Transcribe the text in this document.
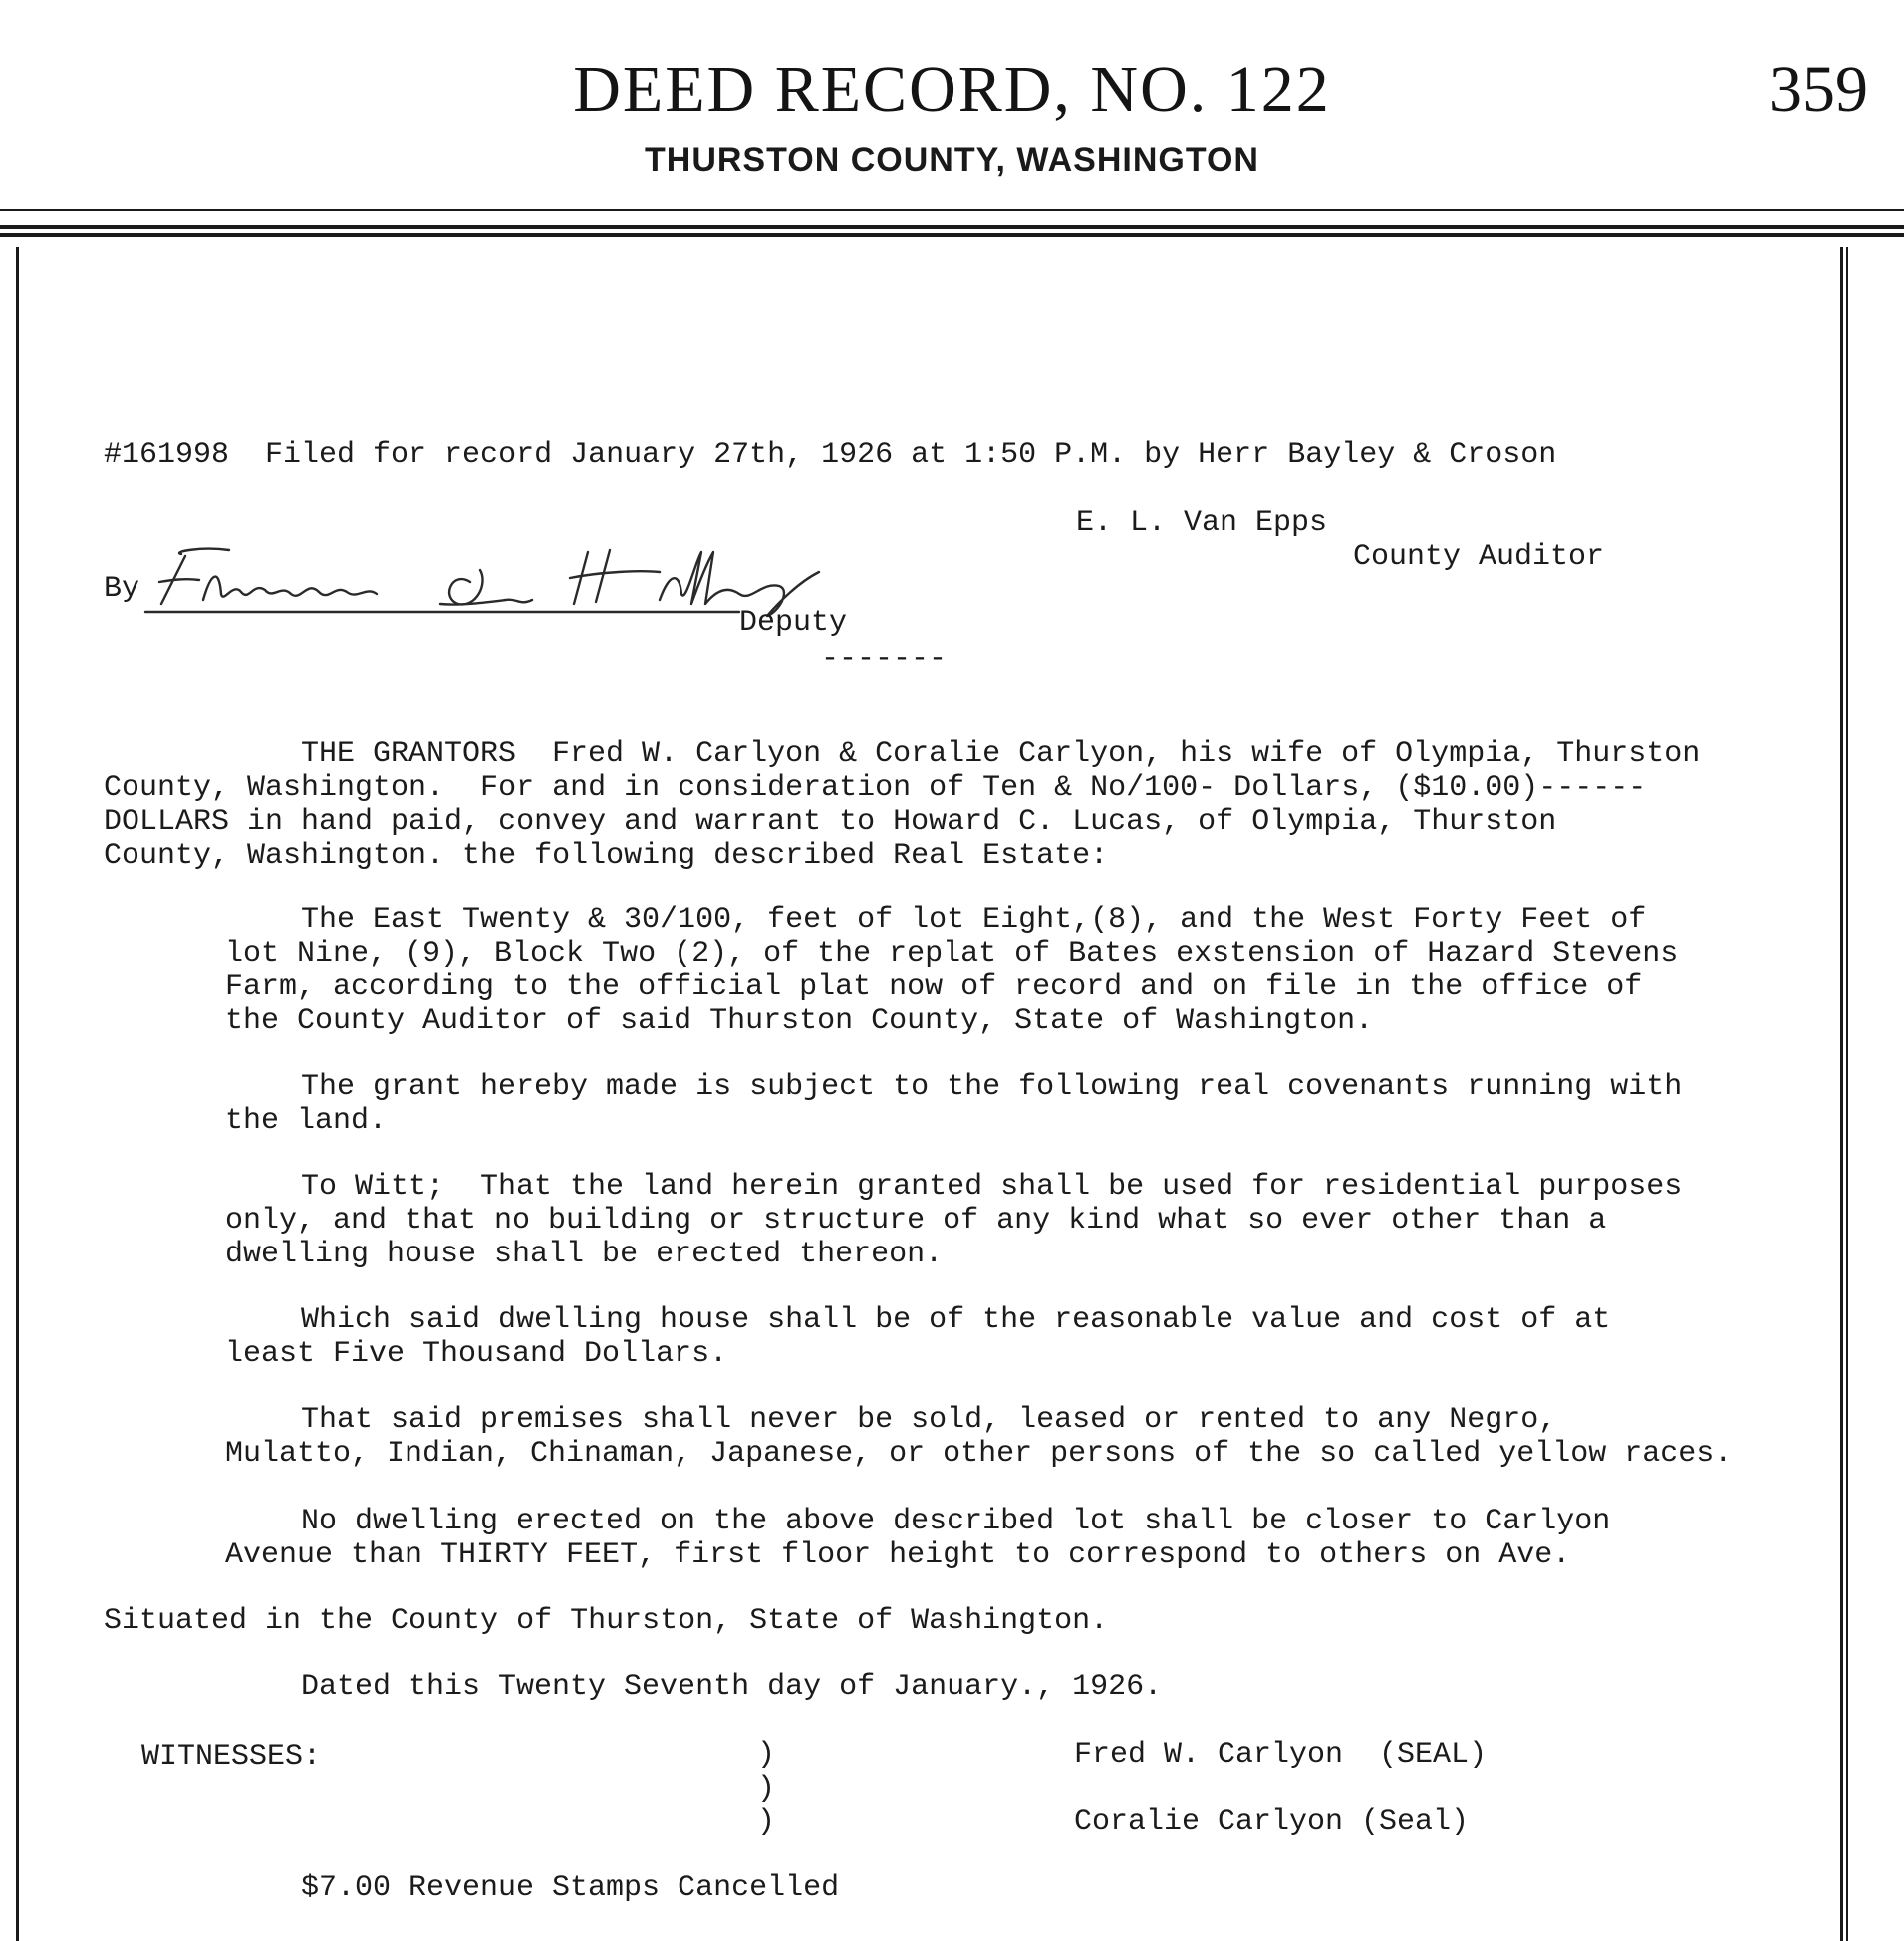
DEED RECORD, NO. 122
THURSTON COUNTY, WASHINGTON
359
#161998  Filed for record January 27th, 1926 at 1:50 P.M. by Herr Bayley & Croson
E. L. Van Epps
County Auditor
By
Deputy
-------
THE GRANTORS  Fred W. Carlyon & Coralie Carlyon, his wife of Olympia, Thurston
County, Washington.  For and in consideration of Ten & No/100- Dollars, ($10.00)------
DOLLARS in hand paid, convey and warrant to Howard C. Lucas, of Olympia, Thurston
County, Washington. the following described Real Estate:
The East Twenty & 30/100, feet of lot Eight,(8), and the West Forty Feet of
lot Nine, (9), Block Two (2), of the replat of Bates exstension of Hazard Stevens
Farm, according to the official plat now of record and on file in the office of
the County Auditor of said Thurston County, State of Washington.
The grant hereby made is subject to the following real covenants running with
the land.
To Witt;  That the land herein granted shall be used for residential purposes
only, and that no building or structure of any kind what so ever other than a
dwelling house shall be erected thereon.
Which said dwelling house shall be of the reasonable value and cost of at
least Five Thousand Dollars.
That said premises shall never be sold, leased or rented to any Negro,
Mulatto, Indian, Chinaman, Japanese, or other persons of the so called yellow races.
No dwelling erected on the above described lot shall be closer to Carlyon
Avenue than THIRTY FEET, first floor height to correspond to others on Ave.
Situated in the County of Thurston, State of Washington.
Dated this Twenty Seventh day of January., 1926.
WITNESSES:	)
)
)
Fred W. Carlyon  (SEAL)
Coralie Carlyon (Seal)
$7.00 Revenue Stamps Cancelled
